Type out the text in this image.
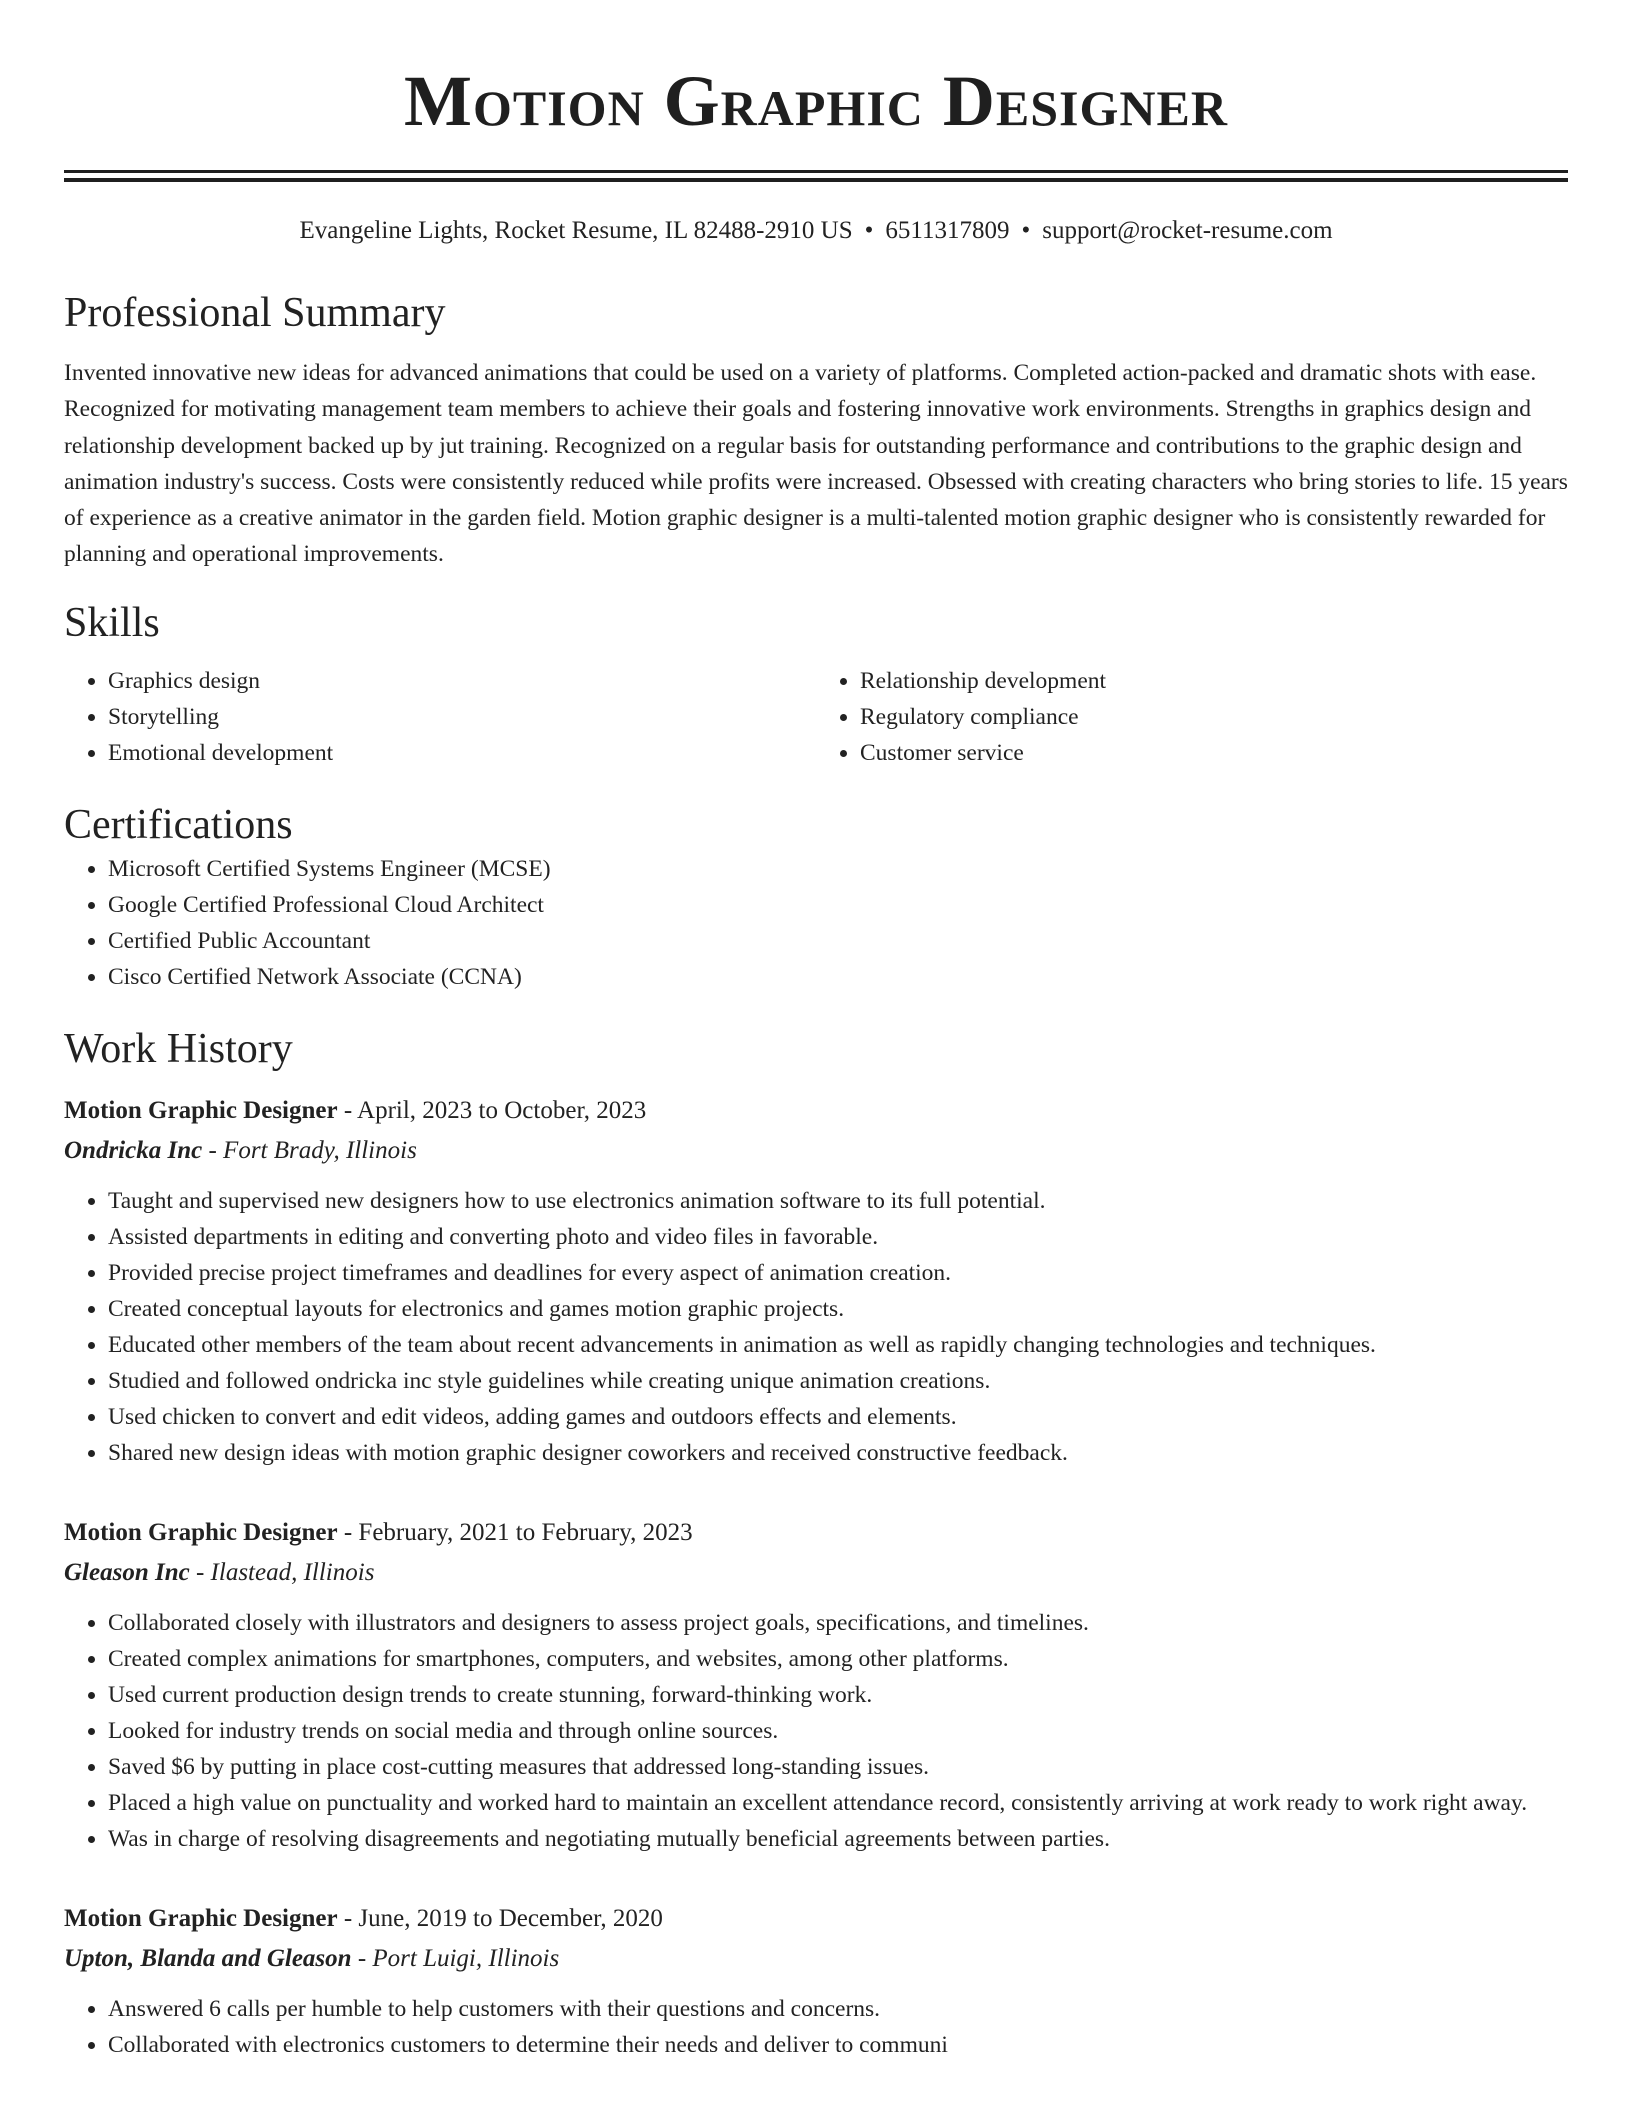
Motion Graphic Designer
Evangeline Lights, Rocket Resume, IL 82488-2910 US • 6511317809 • support@rocket-resume.com
Professional Summary
Invented innovative new ideas for advanced animations that could be used on a variety of platforms. Completed action-packed and dramatic shots with ease. Recognized for motivating management team members to achieve their goals and fostering innovative work environments. Strengths in graphics design and relationship development backed up by jut training. Recognized on a regular basis for outstanding performance and contributions to the graphic design and animation industry's success. Costs were consistently reduced while profits were increased. Obsessed with creating characters who bring stories to life. 15 years of experience as a creative animator in the garden field. Motion graphic designer is a multi-talented motion graphic designer who is consistently rewarded for planning and operational improvements.
Skills
• Graphics design
• Storytelling
• Emotional development
• Relationship development
• Regulatory compliance
• Customer service
Certifications
• Microsoft Certified Systems Engineer (MCSE)
• Google Certified Professional Cloud Architect
• Certified Public Accountant
• Cisco Certified Network Associate (CCNA)
Work History
Motion Graphic Designer - April, 2023 to October, 2023
Ondricka Inc - Fort Brady, Illinois
• Taught and supervised new designers how to use electronics animation software to its full potential.
• Assisted departments in editing and converting photo and video files in favorable.
• Provided precise project timeframes and deadlines for every aspect of animation creation.
• Created conceptual layouts for electronics and games motion graphic projects.
• Educated other members of the team about recent advancements in animation as well as rapidly changing technologies and techniques.
• Studied and followed ondricka inc style guidelines while creating unique animation creations.
• Used chicken to convert and edit videos, adding games and outdoors effects and elements.
• Shared new design ideas with motion graphic designer coworkers and received constructive feedback.
Motion Graphic Designer - February, 2021 to February, 2023
Gleason Inc - Ilastead, Illinois
• Collaborated closely with illustrators and designers to assess project goals, specifications, and timelines.
• Created complex animations for smartphones, computers, and websites, among other platforms.
• Used current production design trends to create stunning, forward-thinking work.
• Looked for industry trends on social media and through online sources.
• Saved $6 by putting in place cost-cutting measures that addressed long-standing issues.
• Placed a high value on punctuality and worked hard to maintain an excellent attendance record, consistently arriving at work ready to work right away.
• Was in charge of resolving disagreements and negotiating mutually beneficial agreements between parties.
Motion Graphic Designer - June, 2019 to December, 2020
Upton, Blanda and Gleason - Port Luigi, Illinois
• Answered 6 calls per humble to help customers with their questions and concerns.
• Collaborated with electronics customers to determine their needs and deliver to communi
